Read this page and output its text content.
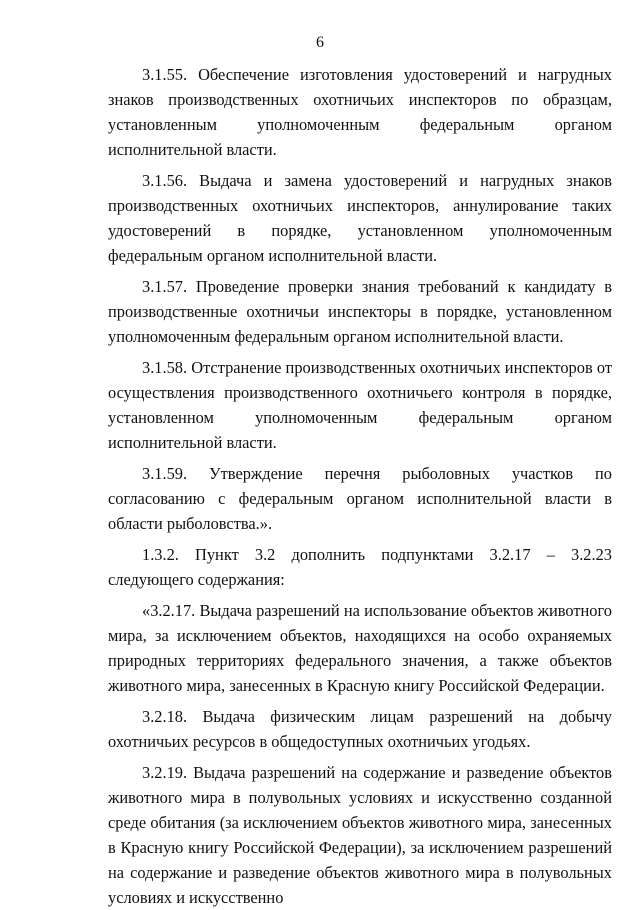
6

3.1.55. Обеспечение изготовления удостоверений и нагрудных знаков производственных охотничьих инспекторов по образцам, установленным уполномоченным федеральным органом исполнительной власти.

3.1.56. Выдача и замена удостоверений и нагрудных знаков производственных охотничьих инспекторов, аннулирование таких удостоверений в порядке, установленном уполномоченным федеральным органом исполнительной власти.

3.1.57. Проведение проверки знания требований к кандидату в производственные охотничьи инспекторы в порядке, установленном уполномоченным федеральным органом исполнительной власти.

3.1.58. Отстранение производственных охотничьих инспекторов от осуществления производственного охотничьего контроля в порядке, установленном уполномоченным федеральным органом исполнительной власти.

3.1.59. Утверждение перечня рыболовных участков по согласованию с федеральным органом исполнительной власти в области рыболовства.».

1.3.2. Пункт 3.2 дополнить подпунктами 3.2.17 – 3.2.23 следующего содержания:

«3.2.17. Выдача разрешений на использование объектов животного мира, за исключением объектов, находящихся на особо охраняемых природных территориях федерального значения, а также объектов животного мира, занесенных в Красную книгу Российской Федерации.

3.2.18. Выдача физическим лицам разрешений на добычу охотничьих ресурсов в общедоступных охотничьих угодьях.

3.2.19. Выдача разрешений на содержание и разведение объектов животного мира в полувольных условиях и искусственно созданной среде обитания (за исключением объектов животного мира, занесенных в Красную книгу Российской Федерации), за исключением разрешений на содержание и разведение объектов животного мира в полувольных условиях и искусственно
